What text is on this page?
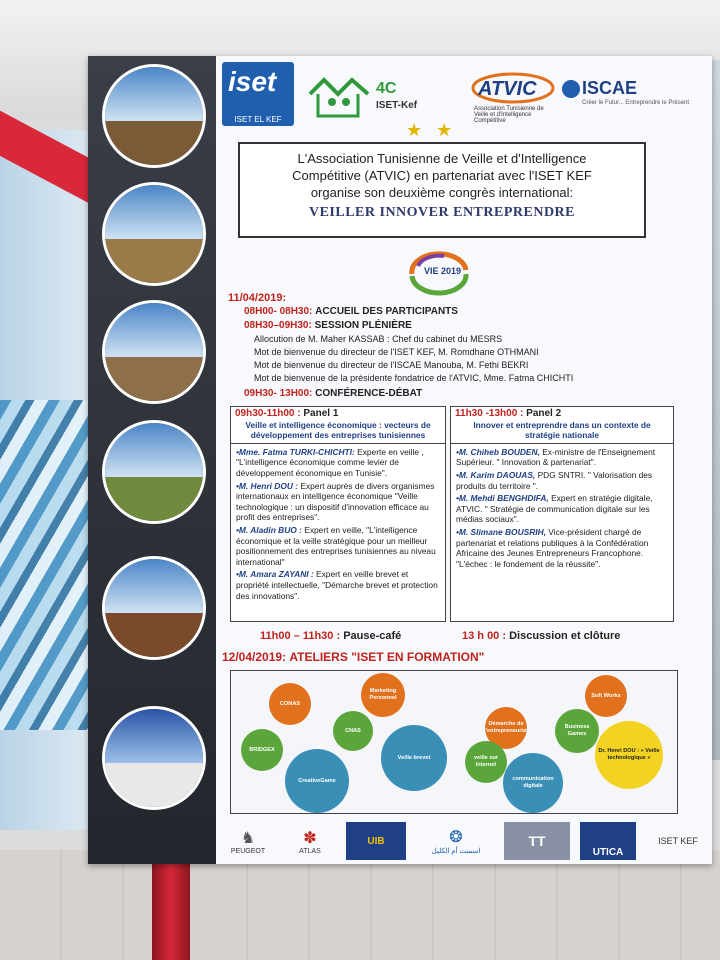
iset
ISET EL KEF
4C
ISET-Kef
ATVIC
Association Tunisienne de Veille et d'Intelligence Compétitive
ISCAE
Créer le Futur... Entreprendre le Présent
★★
L'Association Tunisienne de Veille et d'Intelligence
Compétitive (ATVIC) en partenariat avec l'ISET KEF
organise son deuxième congrès international:
VEILLER INNOVER ENTREPRENDRE
VIE 2019
11/04/2019:
08H00- 08H30: ACCUEIL DES PARTICIPANTS
08H30–09H30: SESSION PLÉNIÈRE
Allocution de M. Maher KASSAB : Chef du cabinet du MESRS
Mot de bienvenue du directeur de l'ISET KEF, M. Romdhane OTHMANI
Mot de bienvenue du directeur de l'ISCAE Manouba, M. Fethi BEKRI
Mot de bienvenue de la présidente fondatrice de l'ATVIC, Mme. Fatma CHICHTI
09H30- 13H00: CONFÉRENCE-DÉBAT
09h30-11h00 : Panel 1
Veille et intelligence économique : vecteurs de développement des entreprises tunisiennes
•Mme. Fatma TURKI-CHICHTI: Experte en veille , "L'intelligence économique comme levier de développement économique en Tunisie".
•M. Henri DOU : Expert auprès de divers organismes internationaux en intelligence économique "Veille technologique : un dispositif d'innovation efficace au profit des entreprises".
•M. Aladin BUO : Expert en veille, "L'intelligence économique et la veille stratégique pour un meilleur positionnement des entreprises tunisiennes au niveau international"
•M. Amara ZAYANI : Expert en veille brevet et propriété intellectuelle, "Démarche brevet et protection des innovations".
11h30 -13h00 : Panel 2
Innover et entreprendre dans un contexte de stratégie nationale
•M. Chiheb BOUDEN, Ex-ministre de l'Enseignement Supérieur. " Innovation & partenariat".
•M. Karim DAOUAS, PDG SNTRI. " Valorisation des produits du territoire ".
•M. Mehdi BENGHDIFA, Expert en stratégie digitale, ATVIC. " Stratégie de communication digitale sur les médias sociaux".
•M. Slimane BOUSRIH, Vice-président chargé de partenariat et relations publiques à la Confédération Africaine des Jeunes Entrepreneurs Francophone. "L'échec : le fondement de la réussite".
11h00 – 11h30 : Pause-café	13 h 00 : Discussion et clôture
12/04/2019: ATELIERS "ISET EN FORMATION"
CONAS
Marketing Personnel
BRIDGEX
CNAS
CreativeGame
Veille brevet
Démarche de l'entrepreneuriat
veille sur Internet
communication digitale
Business Games
Soft Works
Dr. Henri DOU : « Veille technologique »
♞
PEUGEOT
✽
ATLAS
UIB	❂
اسمنت أم الكليل
TT
UTICA
ISET KEF
